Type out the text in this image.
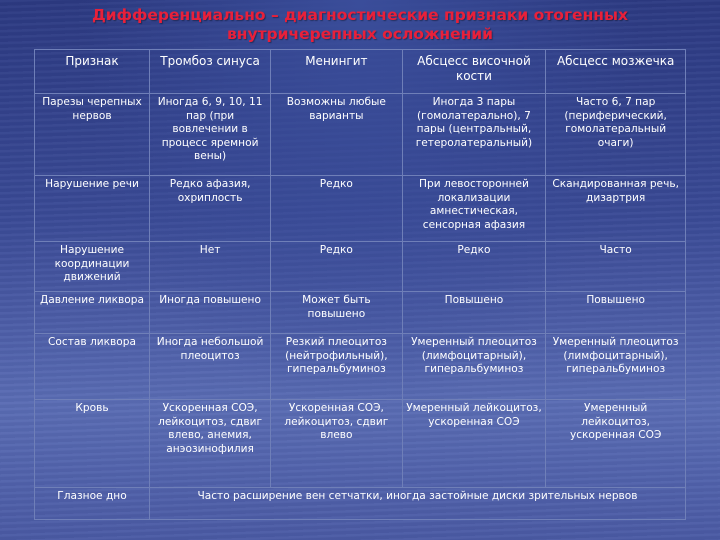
Дифференциально – диагностические признаки отогенных
внутричерепных осложнений
Признак	Тромбоз синуса	Менингит	Абсцесс височной кости	Абсцесс мозжечка
Парезы черепных нервов	Иногда 6, 9, 10, 11 пар (при вовлечении в процесс яремной вены)	Возможны любые варианты	Иногда 3 пары (гомолатерально), 7 пары (центральный, гетеролатеральный)	Часто 6, 7 пар (периферический, гомолатеральный очаги)
Нарушение речи	Редко афазия, охриплость	Редко	При левосторонней локализации амнестическая, сенсорная афазия	Скандированная речь, дизартрия
Нарушение координации движений	Нет	Редко	Редко	Часто
Давление ликвора	Иногда повышено	Может быть повышено	Повышено	Повышено
Состав ликвора	Иногда небольшой плеоцитоз	Резкий плеоцитоз (нейтрофильный), гиперальбуминоз	Умеренный плеоцитоз (лимфоцитарный), гиперальбуминоз	Умеренный плеоцитоз (лимфоцитарный), гиперальбуминоз
Кровь	Ускоренная СОЭ, лейкоцитоз, сдвиг влево, анемия, анэозинофилия	Ускоренная СОЭ, лейкоцитоз, сдвиг влево	Умеренный лейкоцитоз, ускоренная СОЭ	Умеренный лейкоцитоз, ускоренная СОЭ
Глазное дно	Часто расширение вен сетчатки, иногда застойные диски зрительных нервов			
